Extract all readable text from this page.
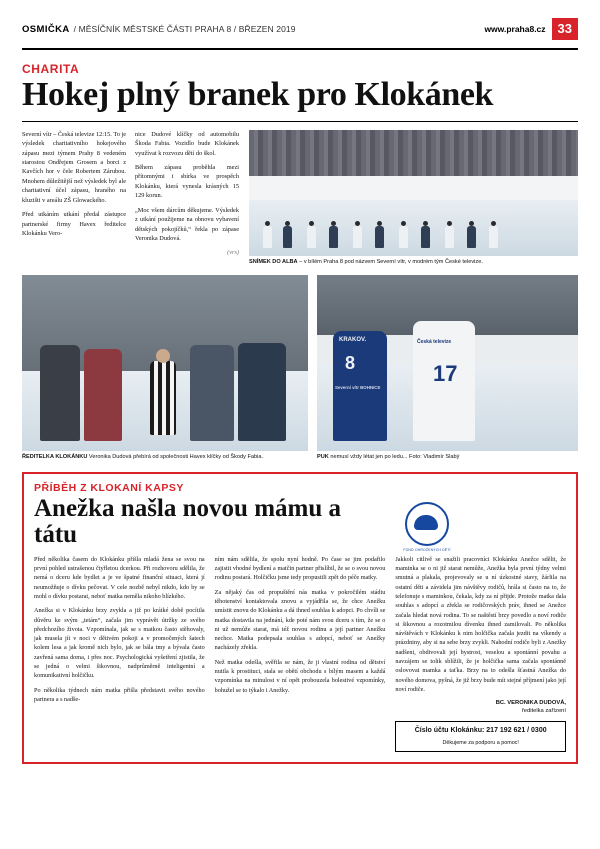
OSMIČKA / MĚSÍČNÍK MĚSTSKÉ ČÁSTI PRAHA 8 / BŘEZEN 2019	www.praha8.cz 33
CHARITA
Hokej plný branek pro Klokánek

Severní vítr – Česká televize 12:15. To je výsledek charitativního hokejového zápasu mezi týmem Prahy 8 vedeném starostou Ondřejem Grosem a borci z Kavčích hor v čele Robertem Zárubou. Mnohem důležitější než výsledek byl ale charitativní účel zápasu, hraného na kluzišti v areálu ZŠ Glowackého.

Před utkáním utkání předal zástupce partnerské firmy Havex ředitelce Klokánku Vero-

nice Dudové klíčky od automobilu Škoda Fabia. Vozidlo bude Klokánek využívat k rozvozu dětí do škol.

Během zápasu proběhla mezi přítomnými i sbírka ve prospěch Klokánku, která vynesla krásných 15 129 korun.

„Moc všem dárcům děkujeme. Výsledek z utkání použijeme na obnovu vybavení dětských pokojíčků,“ řekla po zápase Veronika Dudová.

(vrs)

SNÍMEK DO ALBA – v bílém Praha 8 pod názvem Severní vítr, v modrém tým České televize.
ŘEDITELKA KLOKÁNKU Veronika Dudová přebírá od společnosti Havex klíčky od Škody Fabia.
17
8
KRAKOV.
Severní vítr BOHNICE
Česká televize
PUK nemusí vždy létat jen po ledu... Foto: Vladimír Slabý
PŘÍBĚH Z KLOKANÍ KAPSY
Anežka našla novou mámu a tátu
FOND OHROŽENÝCH DĚTÍ

Před několika časem do Klokánku přišla mladá žena se svou na první pohled ustrašenou čtyřletou dcerkou. Při rozhovoru sdělila, že nemá o dceru kde bydlet a je ve špatné finanční situaci, která jí neumožňuje o dívku pečovat. V cele nozbě nebyl nikdo, kdo by se mohl o dívku postarat, neboť matka neměla nikoho blízkého.

Anežka si v Klokánku brzy zvykla a již po krátké době pocítila důvěru ke svým „tetám“, začala jim vyprávět útržky ze svého předchozího života. Vzpomínala, jak se s matkou často stěhovaly, jak musela jít v noci v dětivém pokoji a v promočených šatech kolem lesa a jak kromě nich bylo, jak se bála tmy a bývala často zavřená sama doma, i přes noc. Psychologická vyšetření zjistila, že se jedná o velmi šikovnou, nadprůměrně inteligentní a komunikativní holčičku.

Po několika týdnech nám matka přišla představit svého nového partnera a s nadše-

ním nám sdělila, že spolu nyní hodně. Po čase se jim podařilo zajistit vhodné bydlení a matčin partner přislíbil, že se o svou novou rodinu postará. Holčičku jsme tedy propustili zpět do péče matky.

Za nějaký čas od propuštění nás matka v pokročilém stádiu těhotenství kontaktovala znovu a vyjádřila se, že chce Anežku umístit znovu do Klokánku a dá ihned souhlas k adopci. Po chvíli se matka dostavila na jednání, kde poté nám svou dceru s tím, že se o ni už nemůže starat, má též novou rodinu a její partner Anežku nechce. Matka podepsala souhlas s adopcí, neboť se Anežky nacházely zřekla.

Než matka odešla, svěřila se nám, že ji vlastní rodina od dětství nutila k prostituci, stala se obětí obchodu s bílým masem a každá vzpomínka na minulost v ní opět probouzela bolestivé vzpomínky, bohužel se to týkalo i Anežky.

Jakkoli citlivě se snažili pracovníci Klokánku Anežce sdělit, že maminka se o ni již starat nemůže, Anežka byla první týdny velmi smutná a plakala, projevovaly se u ní úzkostné stavy, žárlila na ostatní děti a závidela jim návštěvy rodičů, hrála si často na to, že telefonuje s maminkou, čekala, kdy za ní přijde. Protože matka dala souhlas s adopcí a zřekla se rodičovských práv, ihned se Anežce začala hledat nová rodina. To se naštěstí brzy povedlo a noví rodiče si šikovnou a rozotmilou dívenku ihned zamilovali. Po několika návštěvách v Klokánku k nim holčička začala jezdit na víkendy a prázdniny, aby si na sebe brzy zvykli. Nahodní rodiče byli z Anežky nadšeni, obdivovali její bystrost, veselou a spontánní povahu a navzájem se tolik sblížili, že je holčička sama začala spontánně oslovovat mamka a taťka. Brzy na to odešla šťastná Anežka do nového domova, pyšná, že již brzy bude mít stejné příjmení jako její noví rodiče.

BC. VERONIKA DUDOVÁ,
ředitelka zařízení
Číslo účtu Klokánku: 217 192 621 / 0300
Děkujeme za podporu a pomoc!
